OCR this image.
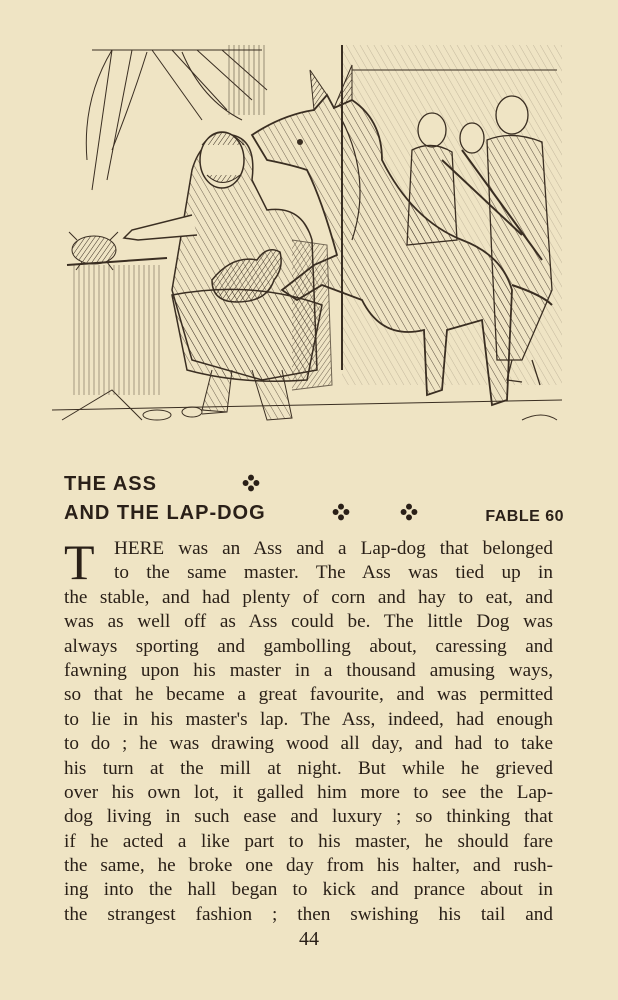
THE ASS
AND THE LAP-DOG	FABLE 60
T	HERE was an Ass and a Lap-dog that belonged
to the same master. The Ass was tied up in
the stable, and had plenty of corn and hay to eat, and
was as well off as Ass could be. The little Dog was
always sporting and gambolling about, caressing and
fawning upon his master in a thousand amusing ways,
so that he became a great favourite, and was permitted
to lie in his master's lap. The Ass, indeed, had enough
to do ; he was drawing wood all day, and had to take
his turn at the mill at night. But while he grieved
over his own lot, it galled him more to see the Lap-
dog living in such ease and luxury ; so thinking that
if he acted a like part to his master, he should fare
the same, he broke one day from his halter, and rush-
ing into the hall began to kick and prance about in
the strangest fashion ; then swishing his tail and
44
